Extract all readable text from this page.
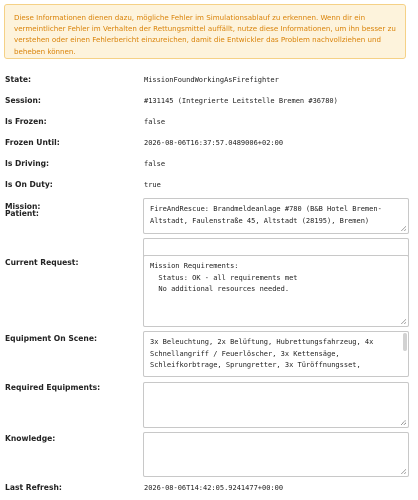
Diese Informationen dienen dazu, mögliche Fehler im Simulationsablauf zu erkennen. Wenn dir ein vermeintlicher Fehler im Verhalten der Rettungsmittel auffällt, nutze diese Informationen, um ihn besser zu verstehen oder einen Fehlerbericht einzureichen, damit die Entwickler das Problem nachvollziehen und beheben können.
State:	MissionFoundWorkingAsFirefighter
Session:	#131145 (Integrierte Leitstelle Bremen #36780)
Is Frozen:	false
Frozen Until:	2026-08-06T16:37:57.0489006+02:00
Is Driving:	false
Is On Duty:	true
Mission:	FireAndRescue: Brandmeldeanlage #780 (B&B Hotel Bremen-
Altstadt, Faulenstraße 45, Altstadt (28195), Bremen)
Patient:
Current Request:	Mission Requirements:
Status: OK - all requirements met
No additional resources needed.
Equipment On Scene:	3x Beleuchtung, 2x Belüftung, Hubrettungsfahrzeug, 4x
Schnellangriff / Feuerlöscher, 3x Kettensäge,
Schleifkorbtrage, Sprungretter, 3x Türöffnungsset,
Required Equipments:
Knowledge:
Last Refresh:	2026-08-06T14:42:05.9241477+00:00
